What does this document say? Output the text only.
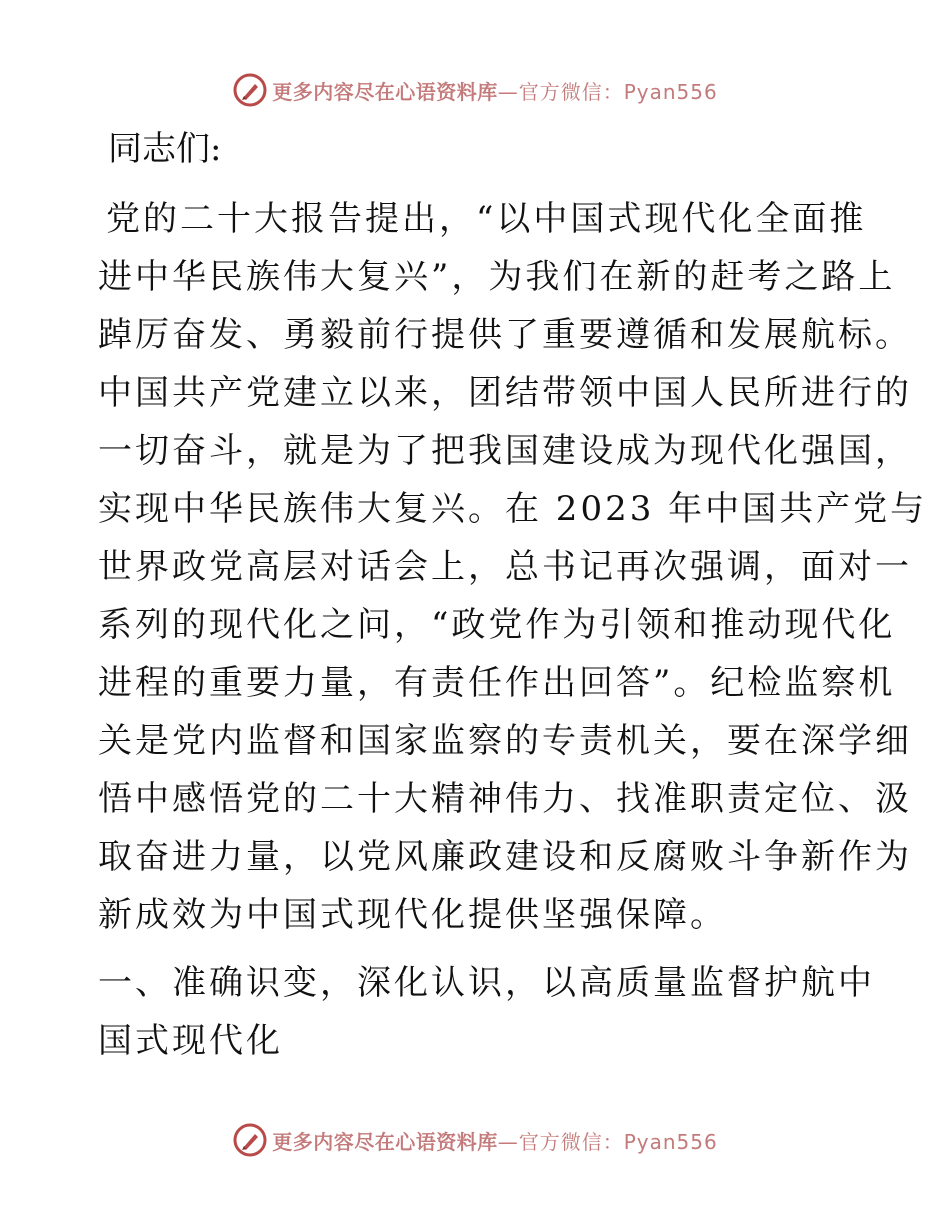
更多内容尽在心语资料库 —官方微信：Pyan556

同志们:

党的二十大报告提出，“以中国式现代化全面推
进中华民族伟大复兴”，为我们在新的赶考之路上
踔厉奋发、勇毅前行提供了重要遵循和发展航标。
中国共产党建立以来，团结带领中国人民所进行的
一切奋斗，就是为了把我国建设成为现代化强国，
实现中华民族伟大复兴。在 2023 年中国共产党与
世界政党高层对话会上，总书记再次强调，面对一
系列的现代化之问，“政党作为引领和推动现代化
进程的重要力量，有责任作出回答”。纪检监察机
关是党内监督和国家监察的专责机关，要在深学细
悟中感悟党的二十大精神伟力、找准职责定位、汲
取奋进力量，以党风廉政建设和反腐败斗争新作为
新成效为中国式现代化提供坚强保障。

一、准确识变，深化认识，以高质量监督护航中
国式现代化

更多内容尽在心语资料库 —官方微信：Pyan556
